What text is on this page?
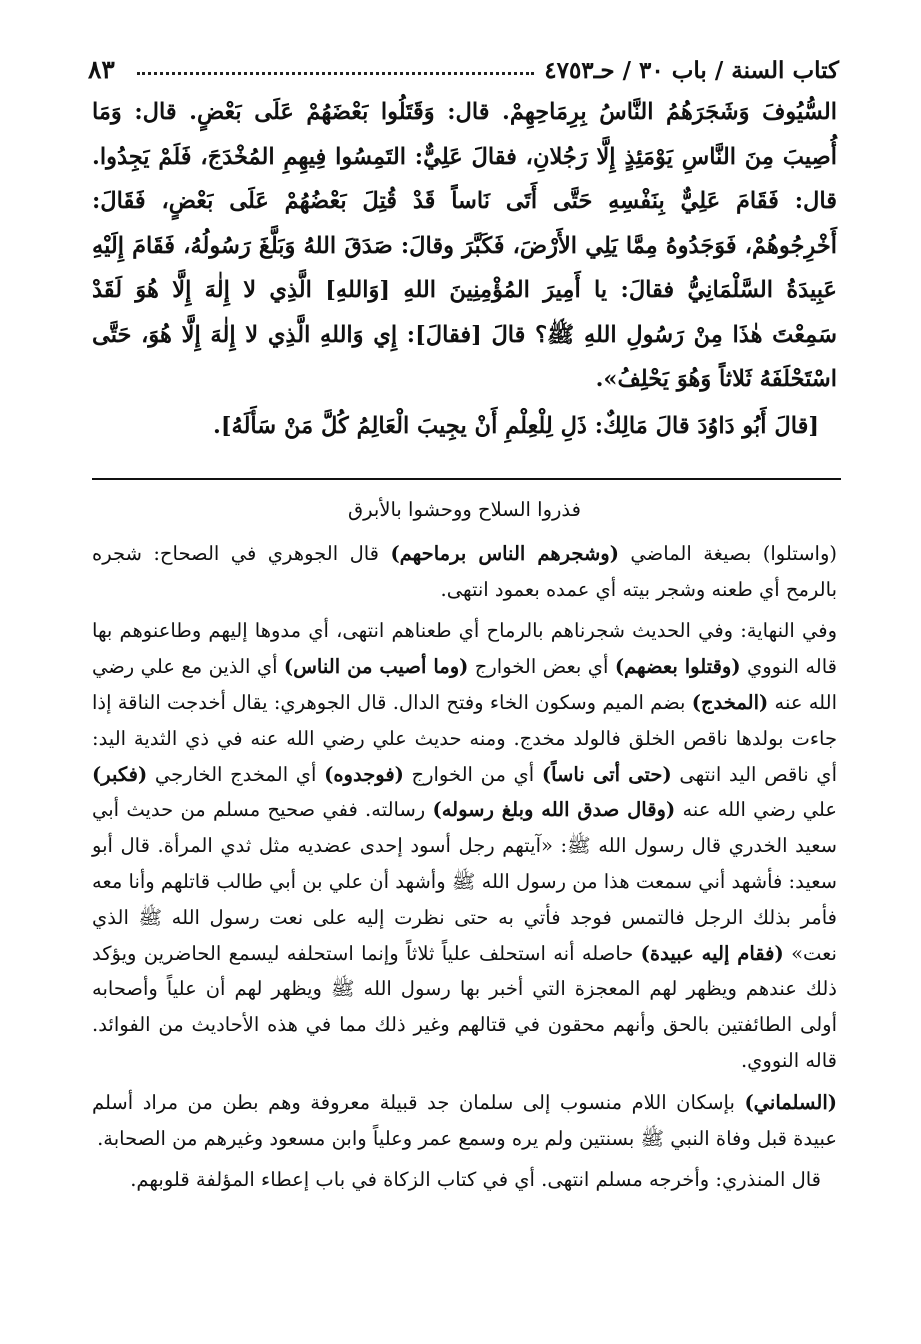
٨٣	كتاب السنة / باب ٣٠ / حـ٤٧٥٣

السُّيُوفَ وَشَجَرَهُمُ النَّاسُ بِرِمَاحِهِمْ. قال: وَقَتَلُوا بَعْضَهُمْ عَلَى بَعْضٍ. قال: وَمَا أُصِيبَ مِنَ النَّاسِ يَوْمَئِذٍ إِلَّا رَجُلانِ، فقالَ عَلِيٌّ: التَمِسُوا فِيهِمِ المُخْدَجَ، فَلَمْ يَجِدُوا. قال: فَقَامَ عَلِيٌّ بِنَفْسِهِ حَتَّى أَتَى نَاساً قَدْ قُتِلَ بَعْضُهُمْ عَلَى بَعْضٍ، فَقَالَ: أَخْرِجُوهُمْ، فَوَجَدُوهُ مِمَّا يَلِي الأَرْضَ، فَكَبَّرَ وقالَ: صَدَقَ اللهُ وَبَلَّغَ رَسُولُهُ، فَقَامَ إِلَيْهِ عَبِيدَةُ السَّلْمَانِيُّ فقالَ: يا أَمِيرَ المُؤْمِنِينَ اللهِ [وَاللهِ] الَّذِي لا إِلٰهَ إِلَّا هُوَ لَقَدْ سَمِعْتَ هٰذَا مِنْ رَسُولِ اللهِ ﷺ؟ قالَ [فقالَ]: إِي وَاللهِ الَّذِي لا إِلٰهَ إِلَّا هُوَ، حَتَّى اسْتَحْلَفَهُ ثَلاثاً وَهُوَ يَحْلِفُ».

[قالَ أَبُو دَاوُدَ قالَ مَالِكٌ: ذَلِ لِلْعِلْمِ أَنْ يجِيبَ الْعَالِمُ كُلَّ مَنْ سَأَلَهُ].

فذروا السلاح ووحشوا بالأبرق

(واستلوا) بصيغة الماضي (وشجرهم الناس برماحهم) قال الجوهري في الصحاح: شجره بالرمح أي طعنه وشجر بيته أي عمده بعمود انتهى.

وفي النهاية: وفي الحديث شجرناهم بالرماح أي طعناهم انتهى، أي مدوها إليهم وطاعنوهم بها قاله النووي (وقتلوا بعضهم) أي بعض الخوارج (وما أصيب من الناس) أي الذين مع علي رضي الله عنه (المخدج) بضم الميم وسكون الخاء وفتح الدال. قال الجوهري: يقال أخدجت الناقة إذا جاءت بولدها ناقص الخلق فالولد مخدج. ومنه حديث علي رضي الله عنه في ذي الثدية اليد: أي ناقص اليد انتهى (حتى أتى ناساً) أي من الخوارج (فوجدوه) أي المخدج الخارجي (فكبر) علي رضي الله عنه (وقال صدق الله وبلغ رسوله) رسالته. ففي صحيح مسلم من حديث أبي سعيد الخدري قال رسول الله ﷺ: «آيتهم رجل أسود إحدى عضديه مثل ثدي المرأة. قال أبو سعيد: فأشهد أني سمعت هذا من رسول الله ﷺ وأشهد أن علي بن أبي طالب قاتلهم وأنا معه فأمر بذلك الرجل فالتمس فوجد فأتي به حتى نظرت إليه على نعت رسول الله ﷺ الذي نعت» (فقام إليه عبيدة) حاصله أنه استحلف علياً ثلاثاً وإنما استحلفه ليسمع الحاضرين ويؤكد ذلك عندهم ويظهر لهم المعجزة التي أخبر بها رسول الله ﷺ ويظهر لهم أن علياً وأصحابه أولى الطائفتين بالحق وأنهم محقون في قتالهم وغير ذلك مما في هذه الأحاديث من الفوائد. قاله النووي.

(السلماني) بإسكان اللام منسوب إلى سلمان جد قبيلة معروفة وهم بطن من مراد أسلم عبيدة قبل وفاة النبي ﷺ بسنتين ولم يره وسمع عمر وعلياً وابن مسعود وغيرهم من الصحابة.

قال المنذري: وأخرجه مسلم انتهى. أي في كتاب الزكاة في باب إعطاء المؤلفة قلوبهم.
